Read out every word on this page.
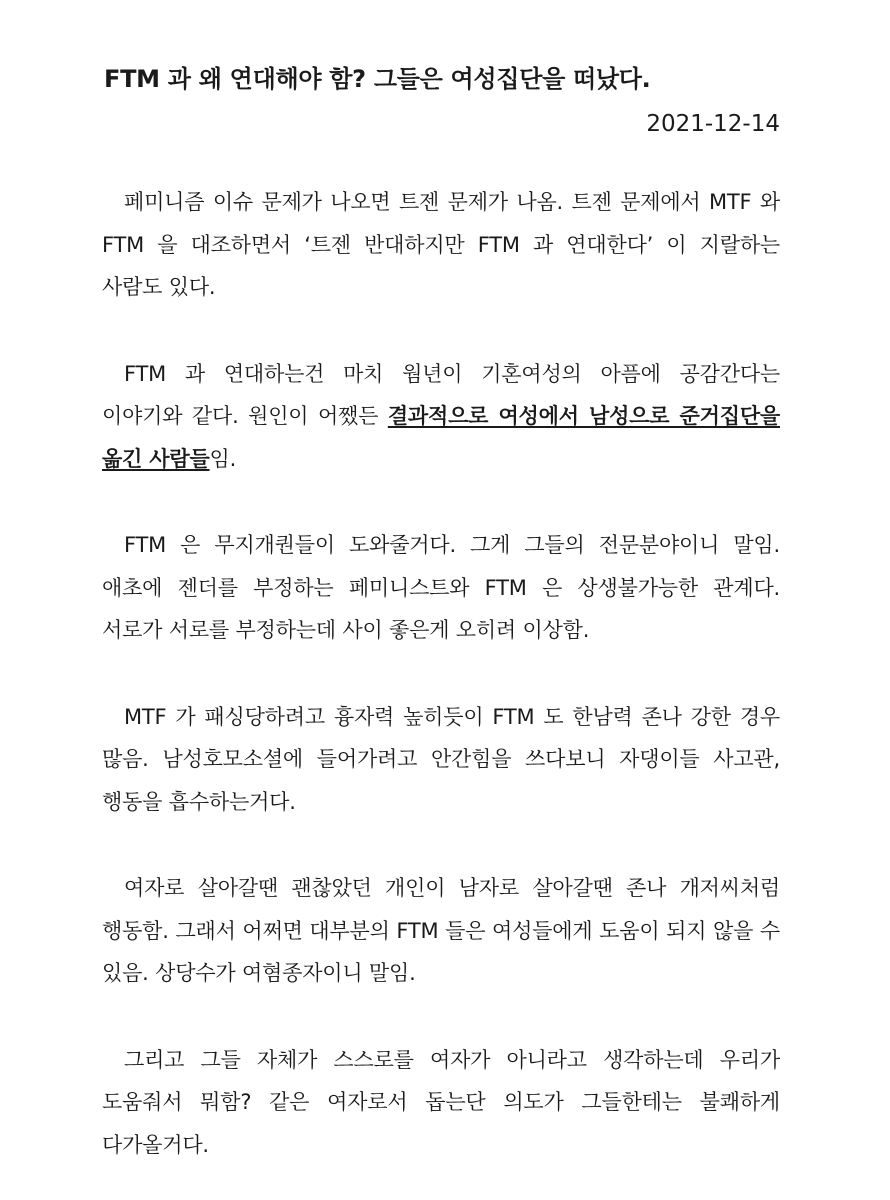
FTM 과 왜 연대해야 함? 그들은 여성집단을 떠났다.
2021-12-14

페미니즘 이슈 문제가 나오면 트젠 문제가 나옴. 트젠 문제에서 MTF 와 FTM 을 대조하면서 ‘트젠 반대하지만 FTM 과 연대한다’ 이 지랄하는 사람도 있다.

FTM 과 연대하는건 마치 웜년이 기혼여성의 아픔에 공감간다는 이야기와 같다. 원인이 어쨌든 결과적으로 여성에서 남성으로 준거집단을 옮긴 사람들임.

FTM 은 무지개퀀들이 도와줄거다. 그게 그들의 전문분야이니 말임. 애초에 젠더를 부정하는 페미니스트와 FTM 은 상생불가능한 관계다. 서로가 서로를 부정하는데 사이 좋은게 오히려 이상함.

MTF 가 패싱당하려고 흉자력 높히듯이 FTM 도 한남력 존나 강한 경우 많음. 남성호모소셜에 들어가려고 안간힘을 쓰다보니 자댕이들 사고관, 행동을 흡수하는거다.

여자로 살아갈땐 괜찮았던 개인이 남자로 살아갈땐 존나 개저씨처럼 행동함. 그래서 어쩌면 대부분의 FTM 들은 여성들에게 도움이 되지 않을 수 있음. 상당수가 여혐종자이니 말임.

그리고 그들 자체가 스스로를 여자가 아니라고 생각하는데 우리가 도움줘서 뭐함? 같은 여자로서 돕는단 의도가 그들한테는 불쾌하게 다가올거다.
